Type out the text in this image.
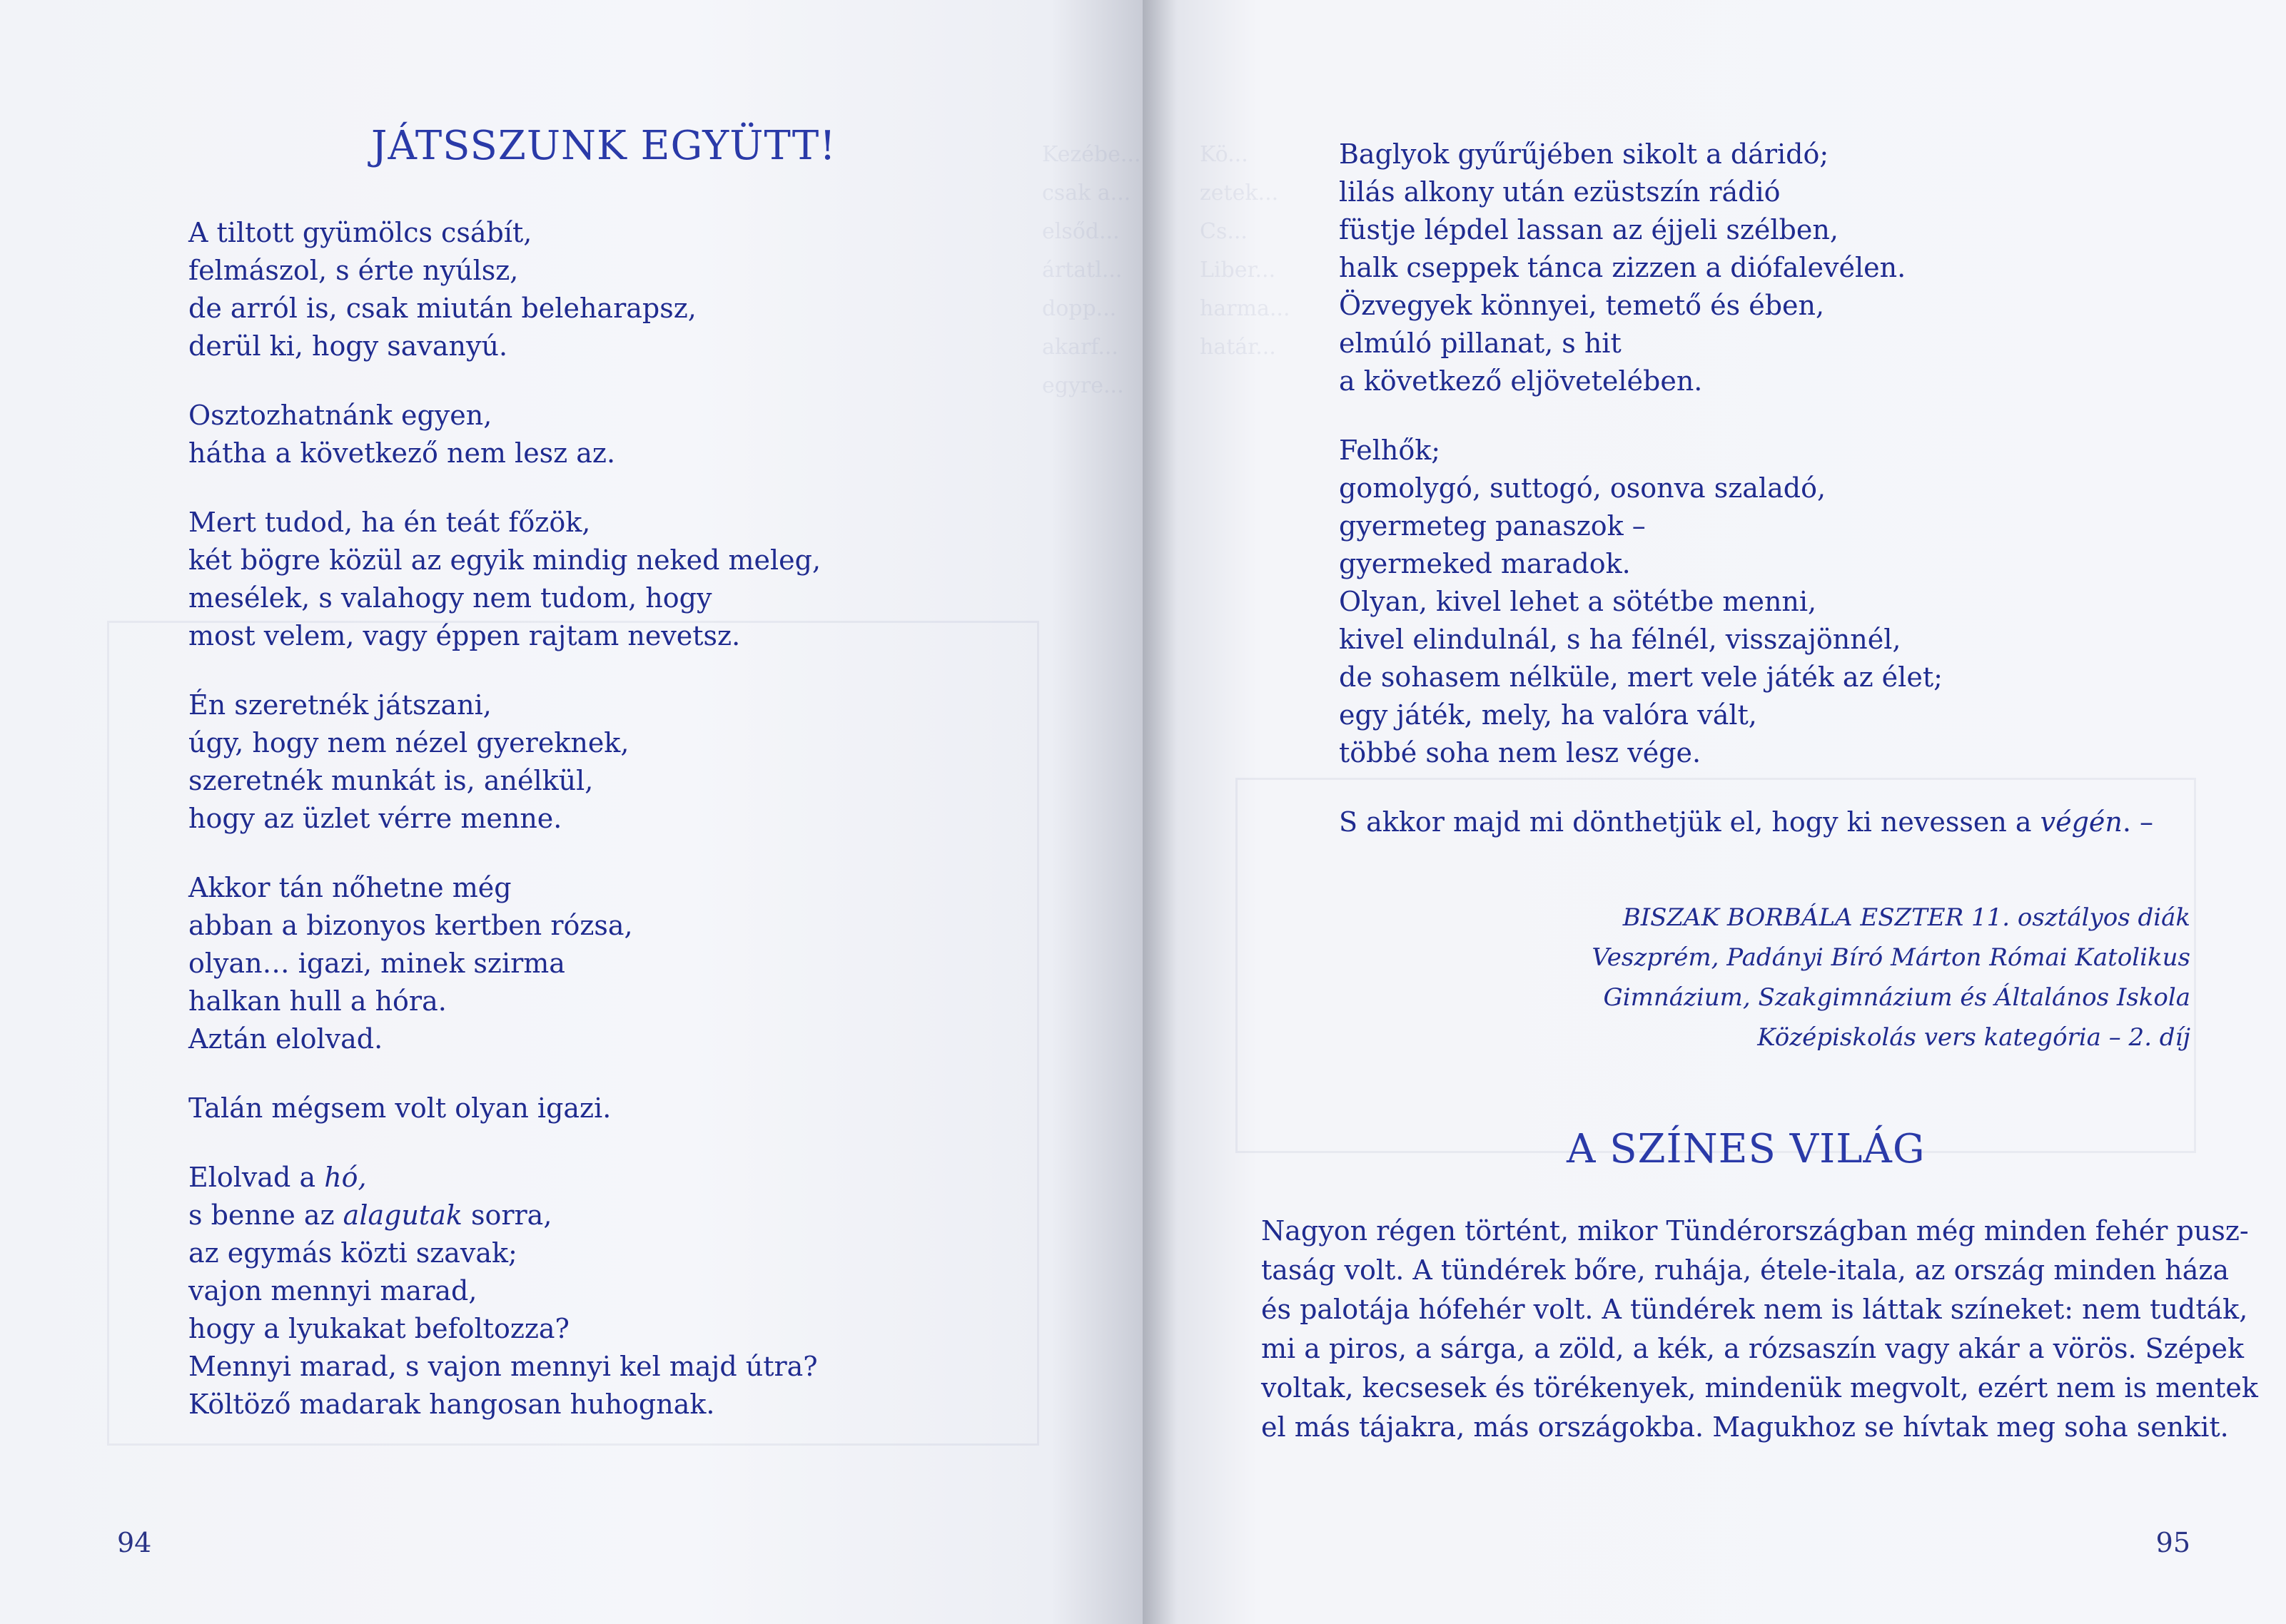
Kezébe...
csak a...
elsőd...
ártatl...
dopp...
akarf...
egyre...
JÁTSSZUNK EGYÜTT!
A tiltott gyümölcs csábít,
felmászol, s érte nyúlsz,
de arról is, csak miután beleharapsz,
derül ki, hogy savanyú.
Osztozhatnánk egyen,
hátha a következő nem lesz az.
Mert tudod, ha én teát főzök,
két bögre közül az egyik mindig neked meleg,
mesélek, s valahogy nem tudom, hogy
most velem, vagy éppen rajtam nevetsz.
Én szeretnék játszani,
úgy, hogy nem nézel gyereknek,
szeretnék munkát is, anélkül,
hogy az üzlet vérre menne.
Akkor tán nőhetne még
abban a bizonyos kertben rózsa,
olyan… igazi, minek szirma
halkan hull a hóra.
Aztán elolvad.
Talán mégsem volt olyan igazi.
Elolvad a hó,
s benne az alagutak sorra,
az egymás közti szavak;
vajon mennyi marad,
hogy a lyukakat befoltozza?
Mennyi marad, s vajon mennyi kel majd útra?
Költöző madarak hangosan huhognak.
94
Kö...
zetek...
Cs...
Liber...
harma...
határ...
Baglyok gyűrűjében sikolt a dáridó;
lilás alkony után ezüstszín rádió
füstje lépdel lassan az éjjeli szélben,
halk cseppek tánca zizzen a diófalevélen.
Özvegyek könnyei, temető és ében,
elmúló pillanat, s hit
a következő eljövetelében.
Felhők;
gomolygó, suttogó, osonva szaladó,
gyermeteg panaszok –
gyermeked maradok.
Olyan, kivel lehet a sötétbe menni,
kivel elindulnál, s ha félnél, visszajönnél,
de sohasem nélküle, mert vele játék az élet;
egy játék, mely, ha valóra vált,
többé soha nem lesz vége.
S akkor majd mi dönthetjük el, hogy ki nevessen a végén. –
BISZAK BORBÁLA ESZTER 11. osztályos diák
Veszprém, Padányi Bíró Márton Római Katolikus
Gimnázium, Szakgimnázium és Általános Iskola
Középiskolás vers kategória – 2. díj
A SZÍNES VILÁG
Nagyon régen történt, mikor Tündérországban még minden fehér pusz-
taság volt. A tündérek bőre, ruhája, étele-itala, az ország minden háza
és palotája hófehér volt. A tündérek nem is láttak színeket: nem tudták,
mi a piros, a sárga, a zöld, a kék, a rózsaszín vagy akár a vörös. Szépek
voltak, kecsesek és törékenyek, mindenük megvolt, ezért nem is mentek
el más tájakra, más országokba. Magukhoz se hívtak meg soha senkit.
95
